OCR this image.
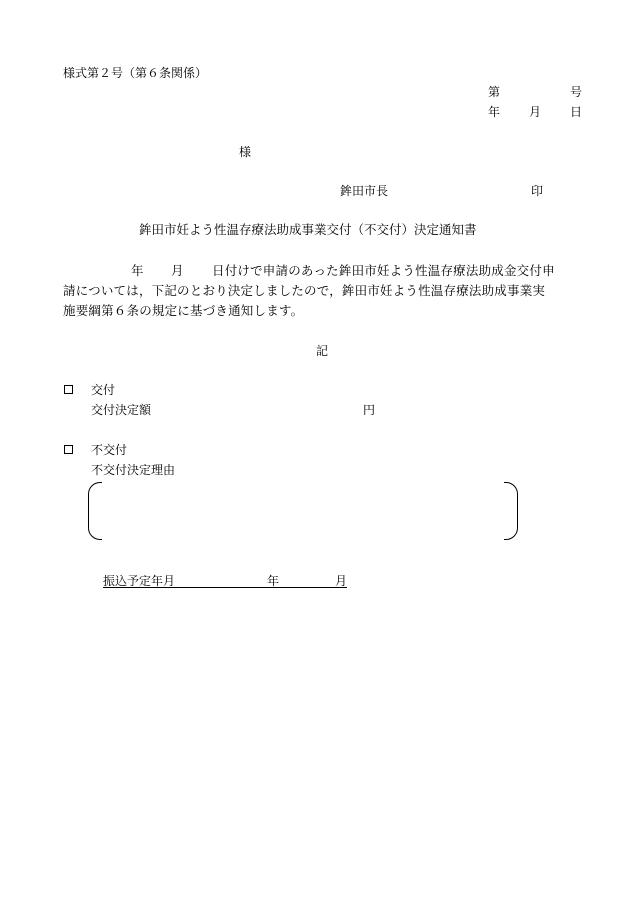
様式第２号（第６条関係）
第	号
年 月 日
様
鉾田市長	印
鉾田市妊よう性温存療法助成事業交付（不交付）決定通知書
年 月 日付けで申請のあった鉾田市妊よう性温存療法助成金交付申
請については，下記のとおり決定しましたので，鉾田市妊よう性温存療法助成事業実
施要綱第６条の規定に基づき通知します。
記
交付
交付決定額	円
不交付
不交付決定理由
振込予定年月	年	月
